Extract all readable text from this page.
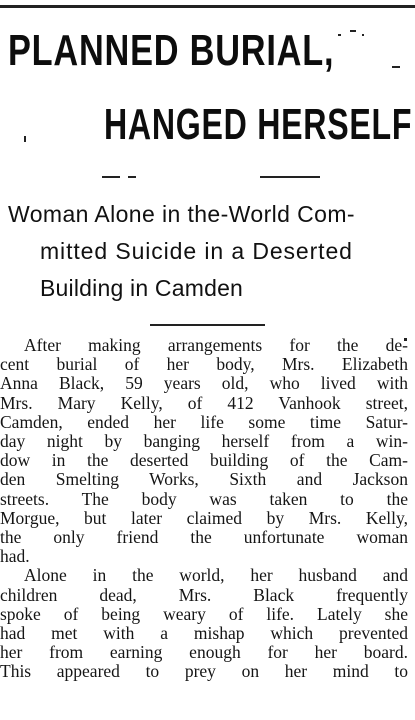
PLANNED BURIAL,
HANGED HERSELF
Woman Alone in the-World Com-
mitted Suicide in a Deserted
Building in Camden

After making arrangements for the de-
cent burial of her body, Mrs. Elizabeth
Anna Black, 59 years old, who lived with
Mrs. Mary Kelly, of 412 Vanhook street,
Camden, ended her life some time Satur-
day night by banging herself from a win-
dow in the deserted building of the Cam-
den Smelting Works, Sixth and Jackson
streets. The body was taken to the
Morgue, but later claimed by Mrs. Kelly,
the only friend the unfortunate woman
had.

Alone in the world, her husband and
children dead, Mrs. Black frequently
spoke of being weary of life. Lately she
had met with a mishap which prevented
her from earning enough for her board.
This appeared to prey on her mind to
